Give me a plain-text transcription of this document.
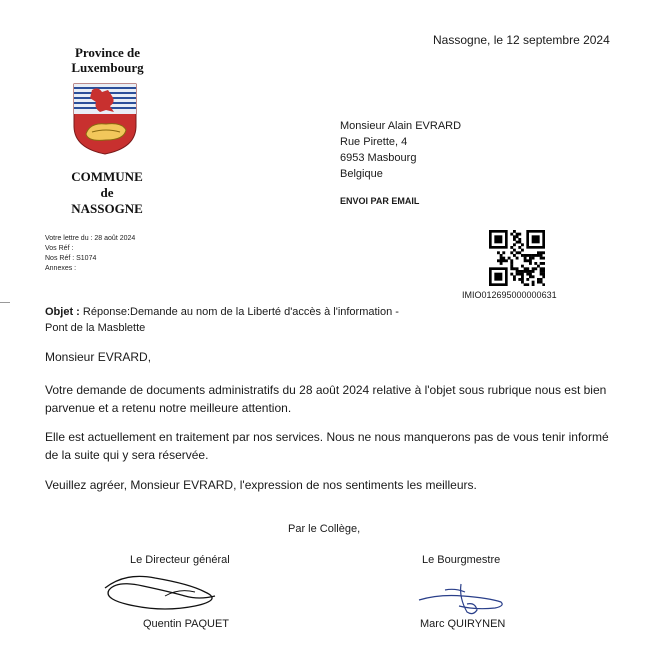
Nassogne, le 12 septembre 2024
Province de
Luxembourg
COMMUNE
de
NASSOGNE
Votre lettre du : 28 août 2024
Vos Réf :
Nos Réf : S1074
Annexes :
Monsieur Alain EVRARD
Rue Pirette, 4
6953 Masbourg
Belgique
ENVOI PAR EMAIL
IMIO012695000000631
Objet : Réponse:Demande au nom de la Liberté d'accès à l'information -
Pont de la Masblette
Monsieur EVRARD,
Votre demande de documents administratifs du 28 août 2024 relative à l'objet sous rubrique nous est bien
parvenue et a retenu notre meilleure attention.
Elle est actuellement en traitement par nos services. Nous ne nous manquerons pas de vous tenir informé
de la suite qui y sera réservée.
Veuillez agréer, Monsieur EVRARD, l'expression de nos sentiments les meilleurs.
Par le Collège,
Le Directeur général	Le Bourgmestre
Quentin PAQUET	Marc QUIRYNEN
